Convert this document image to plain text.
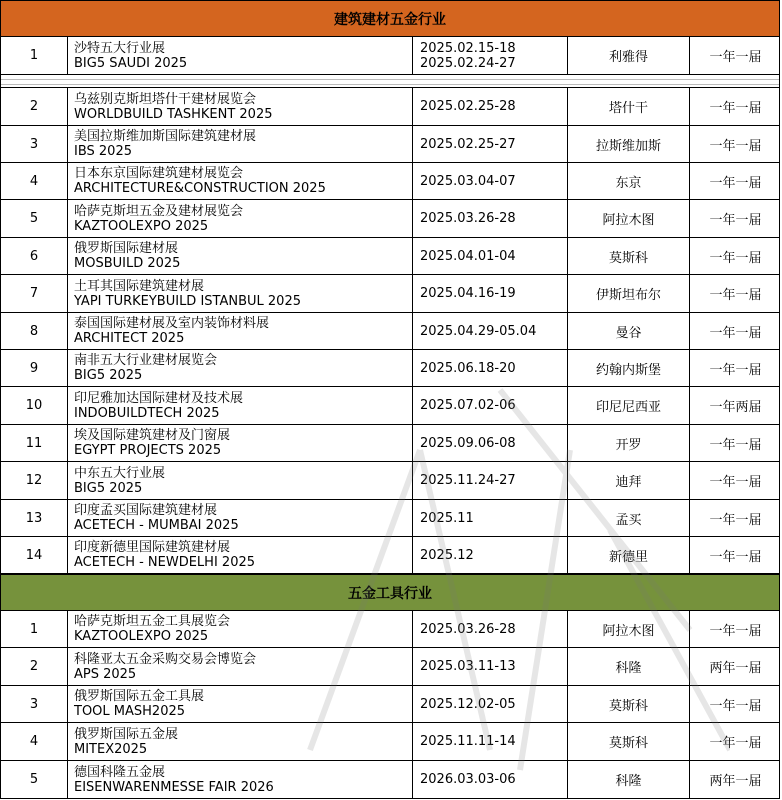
建筑建材五金行业
1	沙特五大行业展
BIG5 SAUDI 2025
2025.02.15-18
2025.02.24-27	利雅得	一年一届
2	乌兹别克斯坦塔什干建材展览会
WORLDBUILD TASHKENT 2025	2025.02.25-28	塔什干	一年一届
3	美国拉斯维加斯国际建筑建材展
IBS 2025	2025.02.25-27	拉斯维加斯	一年一届
4	日本东京国际建筑建材展览会
ARCHITECTURE&CONSTRUCTION 2025	2025.03.04-07	东京	一年一届
5	哈萨克斯坦五金及建材展览会
KAZTOOLEXPO 2025	2025.03.26-28	阿拉木图	一年一届
6	俄罗斯国际建材展
MOSBUILD 2025	2025.04.01-04	莫斯科	一年一届
7	土耳其国际建筑建材展
YAPI TURKEYBUILD ISTANBUL 2025	2025.04.16-19	伊斯坦布尔	一年一届
8	泰国国际建材展及室内装饰材料展
ARCHITECT 2025	2025.04.29-05.04	曼谷	一年一届
9	南非五大行业建材展览会
BIG5 2025	2025.06.18-20	约翰内斯堡	一年一届
10	印尼雅加达国际建材及技术展
INDOBUILDTECH 2025	2025.07.02-06	印尼尼西亚	一年两届
11	埃及国际建筑建材及门窗展
EGYPT PROJECTS 2025	2025.09.06-08	开罗	一年一届
12	中东五大行业展
BIG5 2025	2025.11.24-27	迪拜	一年一届
13	印度孟买国际建筑建材展
ACETECH - MUMBAI 2025	2025.11	孟买	一年一届
14	印度新德里国际建筑建材展
ACETECH - NEWDELHI 2025	2025.12	新德里	一年一届
五金工具行业
1	哈萨克斯坦五金工具展览会
KAZTOOLEXPO 2025	2025.03.26-28	阿拉木图	一年一届
2	科隆亚太五金采购交易会博览会
APS 2025	2025.03.11-13	科隆	两年一届
3	俄罗斯国际五金工具展
TOOL MASH2025	2025.12.02-05	莫斯科	一年一届
4	俄罗斯国际五金展
MITEX2025	2025.11.11-14	莫斯科	一年一届
5	德国科隆五金展
EISENWARENMESSE FAIR 2026	2026.03.03-06	科隆	两年一届
